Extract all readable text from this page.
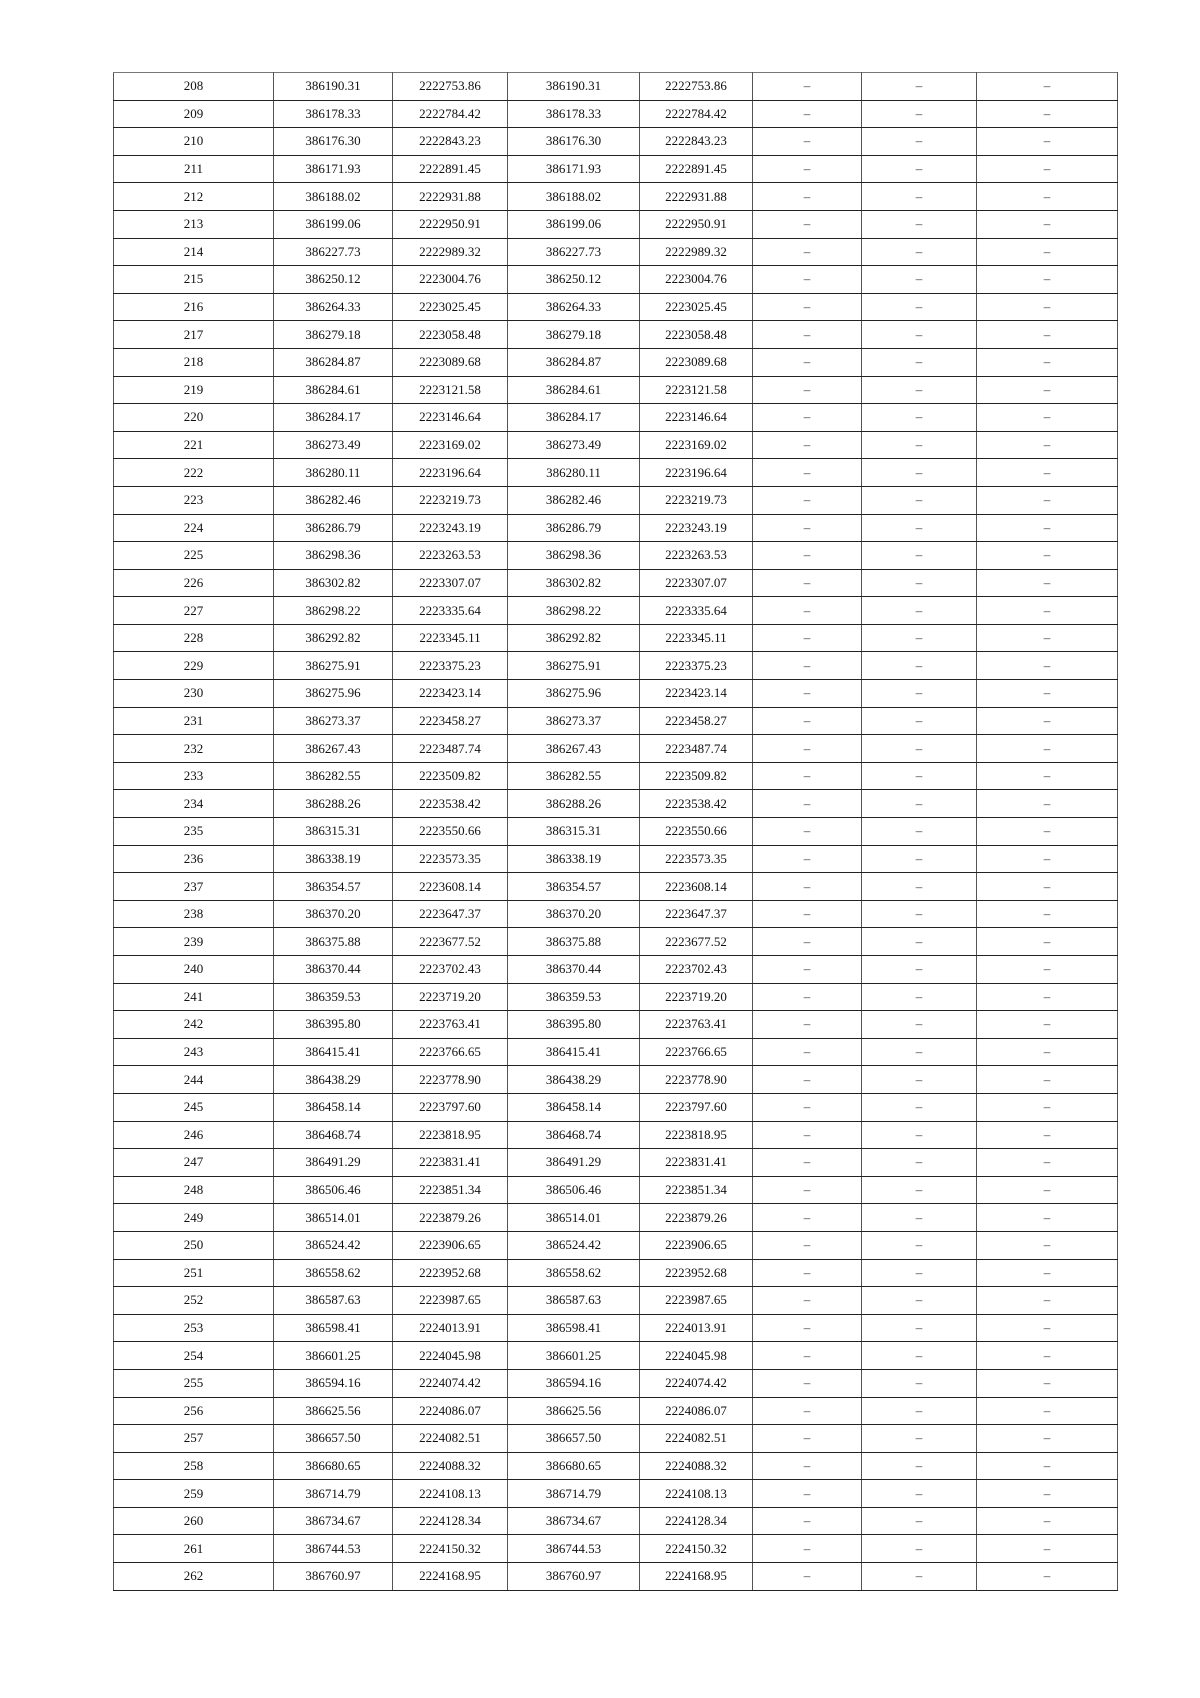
208	386190.31	2222753.86	386190.31	2222753.86	–	–	–
209	386178.33	2222784.42	386178.33	2222784.42	–	–	–
210	386176.30	2222843.23	386176.30	2222843.23	–	–	–
211	386171.93	2222891.45	386171.93	2222891.45	–	–	–
212	386188.02	2222931.88	386188.02	2222931.88	–	–	–
213	386199.06	2222950.91	386199.06	2222950.91	–	–	–
214	386227.73	2222989.32	386227.73	2222989.32	–	–	–
215	386250.12	2223004.76	386250.12	2223004.76	–	–	–
216	386264.33	2223025.45	386264.33	2223025.45	–	–	–
217	386279.18	2223058.48	386279.18	2223058.48	–	–	–
218	386284.87	2223089.68	386284.87	2223089.68	–	–	–
219	386284.61	2223121.58	386284.61	2223121.58	–	–	–
220	386284.17	2223146.64	386284.17	2223146.64	–	–	–
221	386273.49	2223169.02	386273.49	2223169.02	–	–	–
222	386280.11	2223196.64	386280.11	2223196.64	–	–	–
223	386282.46	2223219.73	386282.46	2223219.73	–	–	–
224	386286.79	2223243.19	386286.79	2223243.19	–	–	–
225	386298.36	2223263.53	386298.36	2223263.53	–	–	–
226	386302.82	2223307.07	386302.82	2223307.07	–	–	–
227	386298.22	2223335.64	386298.22	2223335.64	–	–	–
228	386292.82	2223345.11	386292.82	2223345.11	–	–	–
229	386275.91	2223375.23	386275.91	2223375.23	–	–	–
230	386275.96	2223423.14	386275.96	2223423.14	–	–	–
231	386273.37	2223458.27	386273.37	2223458.27	–	–	–
232	386267.43	2223487.74	386267.43	2223487.74	–	–	–
233	386282.55	2223509.82	386282.55	2223509.82	–	–	–
234	386288.26	2223538.42	386288.26	2223538.42	–	–	–
235	386315.31	2223550.66	386315.31	2223550.66	–	–	–
236	386338.19	2223573.35	386338.19	2223573.35	–	–	–
237	386354.57	2223608.14	386354.57	2223608.14	–	–	–
238	386370.20	2223647.37	386370.20	2223647.37	–	–	–
239	386375.88	2223677.52	386375.88	2223677.52	–	–	–
240	386370.44	2223702.43	386370.44	2223702.43	–	–	–
241	386359.53	2223719.20	386359.53	2223719.20	–	–	–
242	386395.80	2223763.41	386395.80	2223763.41	–	–	–
243	386415.41	2223766.65	386415.41	2223766.65	–	–	–
244	386438.29	2223778.90	386438.29	2223778.90	–	–	–
245	386458.14	2223797.60	386458.14	2223797.60	–	–	–
246	386468.74	2223818.95	386468.74	2223818.95	–	–	–
247	386491.29	2223831.41	386491.29	2223831.41	–	–	–
248	386506.46	2223851.34	386506.46	2223851.34	–	–	–
249	386514.01	2223879.26	386514.01	2223879.26	–	–	–
250	386524.42	2223906.65	386524.42	2223906.65	–	–	–
251	386558.62	2223952.68	386558.62	2223952.68	–	–	–
252	386587.63	2223987.65	386587.63	2223987.65	–	–	–
253	386598.41	2224013.91	386598.41	2224013.91	–	–	–
254	386601.25	2224045.98	386601.25	2224045.98	–	–	–
255	386594.16	2224074.42	386594.16	2224074.42	–	–	–
256	386625.56	2224086.07	386625.56	2224086.07	–	–	–
257	386657.50	2224082.51	386657.50	2224082.51	–	–	–
258	386680.65	2224088.32	386680.65	2224088.32	–	–	–
259	386714.79	2224108.13	386714.79	2224108.13	–	–	–
260	386734.67	2224128.34	386734.67	2224128.34	–	–	–
261	386744.53	2224150.32	386744.53	2224150.32	–	–	–
262	386760.97	2224168.95	386760.97	2224168.95	–	–	–
